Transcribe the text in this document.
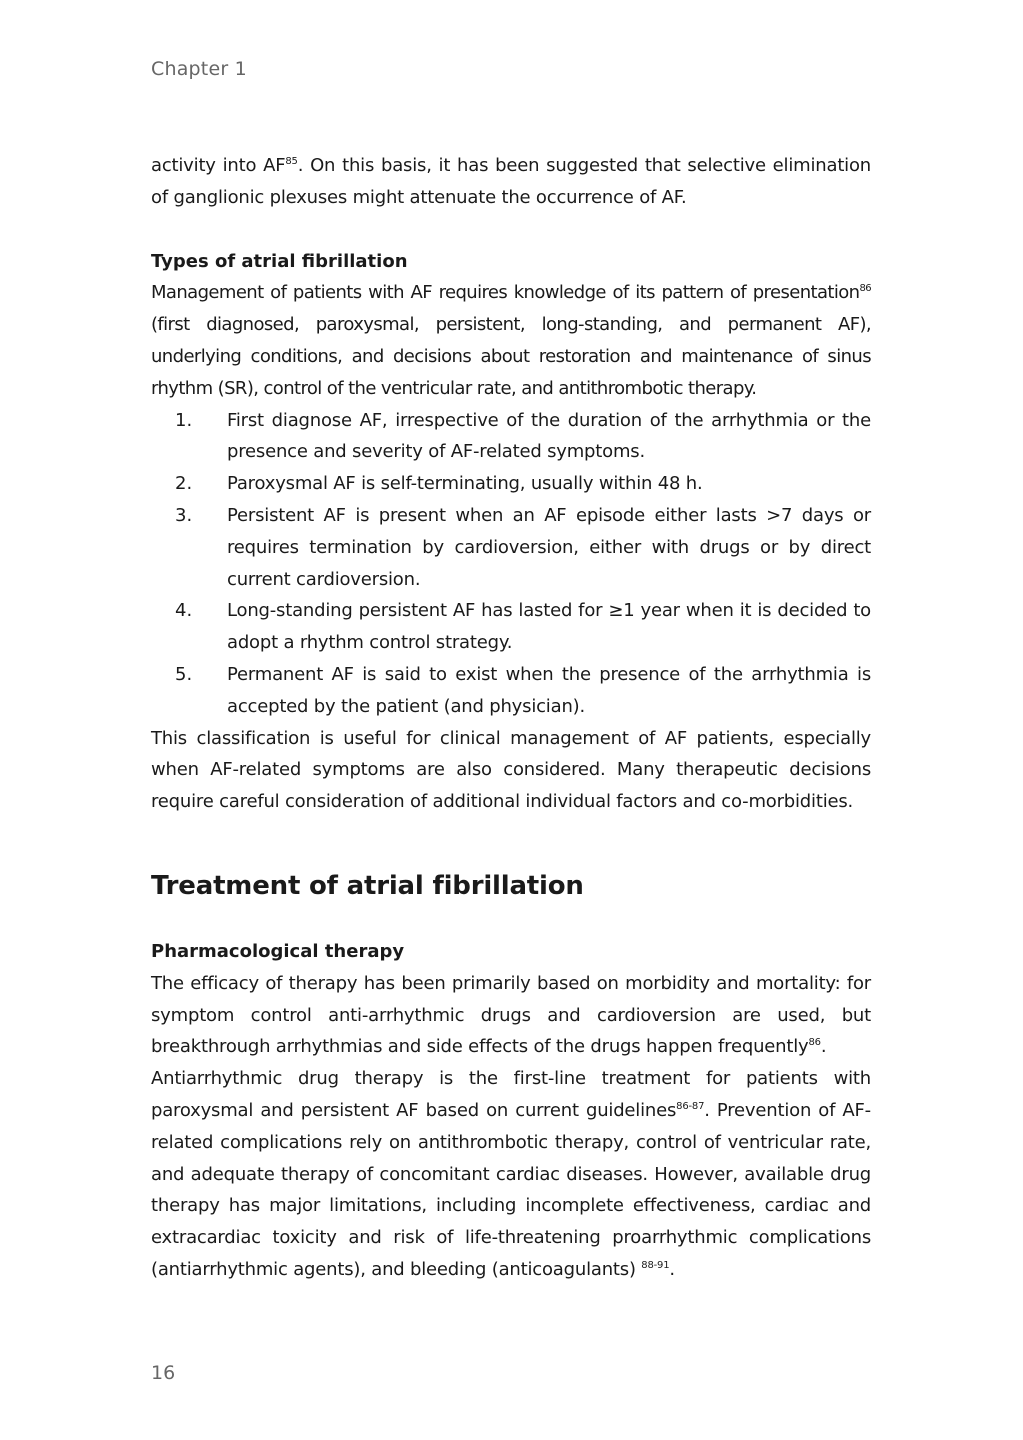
Chapter 1

activity into AF$^{85}$. On this basis, it has been suggested that selective elimination of ganglionic plexuses might attenuate the occurrence of AF.

Types of atrial fibrillation

Management of patients with AF requires knowledge of its pattern of presentation$^{86}$ (first diagnosed, paroxysmal, persistent, long-standing, and permanent AF), underlying conditions, and decisions about restoration and maintenance of sinus rhythm (SR), control of the ventricular rate, and antithrombotic therapy.

1.	First diagnose AF, irrespective of the duration of the arrhythmia or the presence and severity of AF-related symptoms.
2.	Paroxysmal AF is self-terminating, usually within 48 h.
3.	Persistent AF is present when an AF episode either lasts >7 days or requires termination by cardioversion, either with drugs or by direct current cardioversion.
4.	Long-standing persistent AF has lasted for ≥1 year when it is decided to adopt a rhythm control strategy.
5.	Permanent AF is said to exist when the presence of the arrhythmia is accepted by the patient (and physician).

This classification is useful for clinical management of AF patients, especially when AF-related symptoms are also considered. Many therapeutic decisions require careful consideration of additional individual factors and co-morbidities.

Treatment of atrial fibrillation
Pharmacological therapy

The efficacy of therapy has been primarily based on morbidity and mortality: for symptom control anti-arrhythmic drugs and cardioversion are used, but breakthrough arrhythmias and side effects of the drugs happen frequently$^{86}$.

Antiarrhythmic drug therapy is the first-line treatment for patients with paroxysmal and persistent AF based on current guidelines$^{86-87}$. Prevention of AF-related complications rely on antithrombotic therapy, control of ventricular rate, and adequate therapy of concomitant cardiac diseases. However, available drug therapy has major limitations, including incomplete effectiveness, cardiac and extracardiac toxicity and risk of life-threatening proarrhythmic complications (antiarrhythmic agents), and bleeding (anticoagulants) $^{88-91}$.

16
